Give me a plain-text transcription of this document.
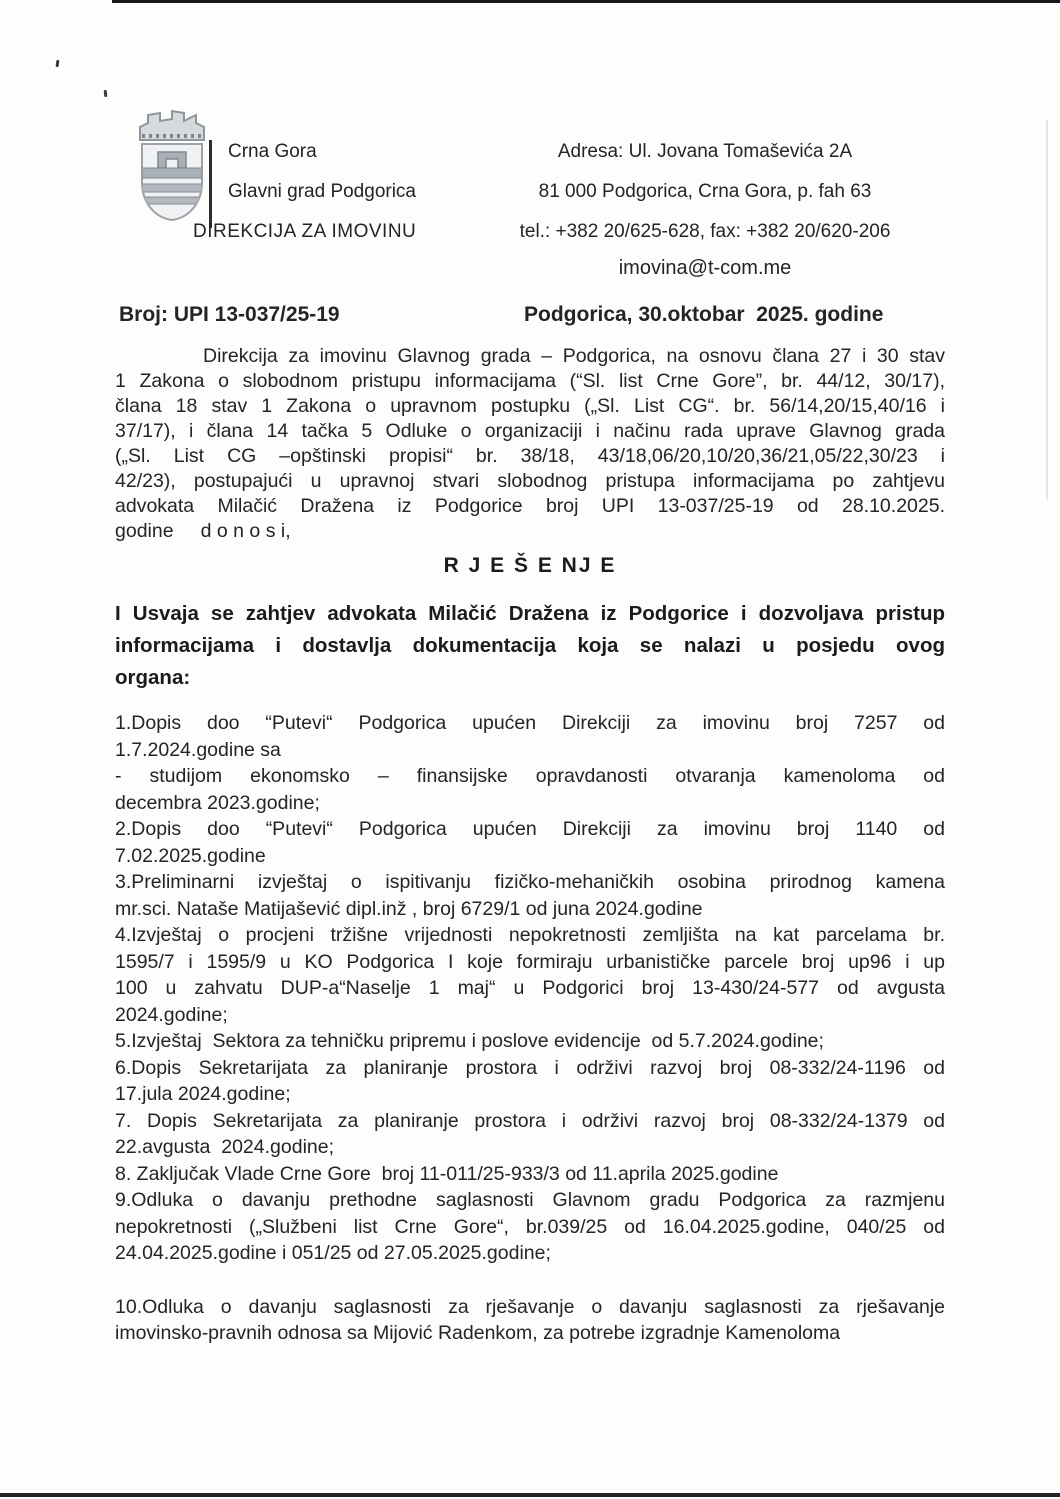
Crna Gora
Glavni grad Podgorica
DIREKCIJA ZA IMOVINU
Adresa: Ul. Jovana Tomaševića 2A
81 000 Podgorica, Crna Gora, p. fah 63
tel.: +382 20/625-628, fax: +382 20/620-206
imovina@t-com.me
Broj: UPI 13-037/25-19	Podgorica, 30.oktobar  2025. godine
Direkcija za imovinu Glavnog grada – Podgorica, na osnovu člana 27 i 30 stav
1 Zakona o slobodnom pristupu informacijama (“Sl. list Crne Gore”, br. 44/12, 30/17),
člana 18 stav 1 Zakona o upravnom postupku („Sl. List CG“. br. 56/14,20/15,40/16 i
37/17), i člana 14 tačka 5 Odluke o organizaciji i načinu rada uprave Glavnog grada
(„Sl. List CG –opštinski propisi“ br. 38/18, 43/18,06/20,10/20,36/21,05/22,30/23 i
42/23), postupajući u upravnoj stvari slobodnog pristupa informacijama po zahtjevu
advokata Milačić Dražena iz Podgorice broj UPI 13-037/25-19 od 28.10.2025.
godine     d o n o s i,
R J E Š E NJ E
I Usvaja se zahtjev advokata Milačić Dražena iz Podgorice i dozvoljava pristup
informacijama i dostavlja dokumentacija koja se nalazi u posjedu ovog
organa:
1.Dopis doo “Putevi“ Podgorica upućen Direkciji za imovinu broj 7257 od
1.7.2024.godine sa
- studijom ekonomsko – finansijske opravdanosti otvaranja kamenoloma od
decembra 2023.godine;
2.Dopis doo “Putevi“ Podgorica upućen Direkciji za imovinu broj 1140 od
7.02.2025.godine
3.Preliminarni izvještaj o ispitivanju fizičko-mehaničkih osobina prirodnog kamena
mr.sci. Nataše Matijašević dipl.inž , broj 6729/1 od juna 2024.godine
4.Izvještaj o procjeni tržišne vrijednosti nepokretnosti zemljišta na kat parcelama br.
1595/7 i 1595/9 u KO Podgorica I koje formiraju urbanističke parcele broj up96 i up
100 u zahvatu DUP-a“Naselje 1 maj“ u Podgorici broj 13-430/24-577 od avgusta
2024.godine;
5.Izvještaj  Sektora za tehničku pripremu i poslove evidencije  od 5.7.2024.godine;
6.Dopis Sekretarijata za planiranje prostora i održivi razvoj broj 08-332/24-1196 od
17.jula 2024.godine;
7. Dopis Sekretarijata za planiranje prostora i održivi razvoj broj 08-332/24-1379 od
22.avgusta  2024.godine;
8. Zaključak Vlade Crne Gore  broj 11-011/25-933/3 od 11.aprila 2025.godine
9.Odluka o davanju prethodne saglasnosti Glavnom gradu Podgorica za razmjenu
nepokretnosti („Službeni list Crne Gore“, br.039/25 od 16.04.2025.godine, 040/25 od
24.04.2025.godine i 051/25 od 27.05.2025.godine;
10.Odluka o davanju saglasnosti za rješavanje o davanju saglasnosti za rješavanje
imovinsko-pravnih odnosa sa Mijović Radenkom, za potrebe izgradnje Kamenoloma
